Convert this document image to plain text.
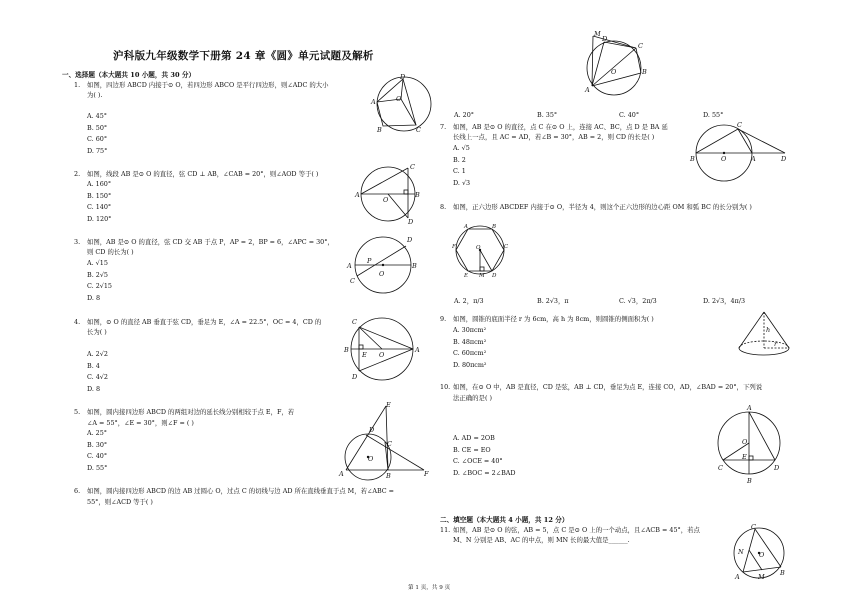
沪科版九年级数学下册第 24 章《圆》单元试题及解析
一、选择题（本大题共 10 小题，共 30 分）
1. 如图，四边形 ABCD 内接于⊙ O，若四边形 ABCO 是平行四边形，则∠ADC 的大小
为( ).
A. 45°
B. 50°
C. 60°
D. 75°
2. 如图，线段 AB 是⊙ O 的直径，弦 CD ⊥ AB，∠CAB = 20°，则∠AOD 等于( )
A. 160°
B. 150°
C. 140°
D. 120°
3. 如图，AB 是⊙ O 的直径，弦 CD 交 AB 于点 P，AP = 2，BP = 6，∠APC = 30°，
则 CD 的长为( )
A. √15
B. 2√5
C. 2√15
D. 8
4. 如图，⊙ O 的直径 AB 垂直于弦 CD，垂足为 E，∠A = 22.5°，OC = 4，CD 的
长为( )
A. 2√2
B. 4
C. 4√2
D. 8
5. 如图，圆内接四边形 ABCD 的两组对边的延长线分别相较于点 E，F，若
∠A = 55°，∠E = 30°，则∠F = ( )
A. 25°
B. 30°
C. 40°
D. 55°
6. 如图，圆内接四边形 ABCD 的边 AB 过圆心 O，过点 C 的切线与边 AD 所在直线垂直于点 M，若∠ABC =
55°，则∠ACD 等于( )
A. 20°	B. 35°	C. 40°	D. 55°
7. 如图，AB 是⊙ O 的直径，点 C 在⊙ O 上，连接 AC、BC，点 D 是 BA 延
长线上一点，且 AC = AD，若∠B = 30°，AB = 2，则 CD 的长是( )
A. √5
B. 2
C. 1
D. √3
8. 如图，正六边形 ABCDEF 内接于⊙ O，半径为 4，则这个正六边形的边心距 OM 和弧 BC 的长分别为( )
A. 2，π/3	B. 2√3，π	C. √3，2π/3	D. 2√3，4π/3
9. 如图，圆锥的底面半径 r 为 6cm，高 h 为 8cm，则圆锥的侧面积为( )
A. 30πcm²
B. 48πcm²
C. 60πcm²
D. 80πcm²
10. 如图，在⊙ O 中，AB 是直径，CD 是弦，AB ⊥ CD，垂足为点 E，连接 CO，AD，∠BAD = 20°，下列说
法正确的是( )
A. AD = 2OB
B. CE = EO
C. ∠OCE = 40°
D. ∠BOC = 2∠BAD
二、填空题（本大题共 4 小题，共 12 分）
11. 如图，AB 是⊙ O 的弦，AB = 5，点 C 是⊙ O 上的一个动点，且∠ACB = 45°，若点
M、N 分别是 AB、AC 的中点，则 MN 长的最大值是______.
第 1 页，共 9 页
A
D
O
B	C
C
A
O
B
D
D
A
P
O
B
C
C
B
E O
A
D
E
D
C
O
A	B	F
M
D
C
A
O	B
C
O
B	A	D
A	B
F	O	C
E M D
h
r
A
O
E
C	D
B
C
N O
A	M B
